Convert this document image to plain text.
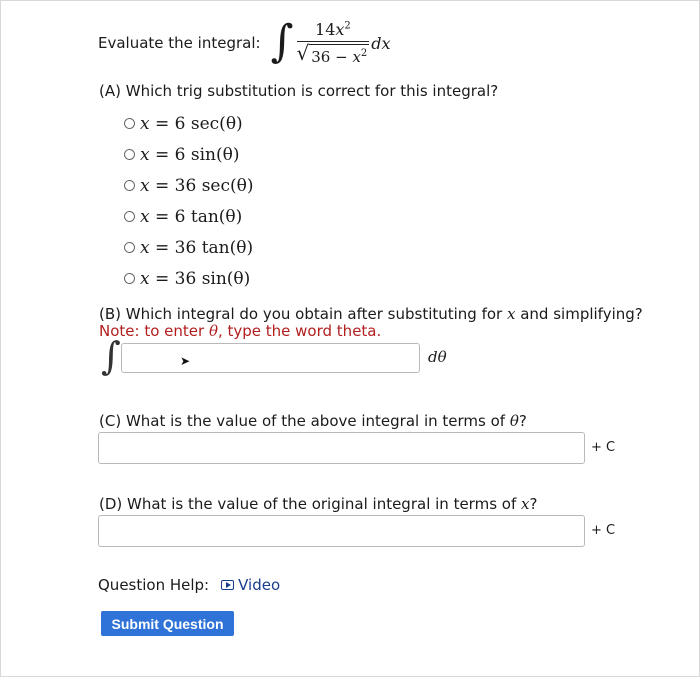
Evaluate the integral: ∫ $\frac{14x^2}{√ 36 - x^2}$ dx
(A) Which trig substitution is correct for this integral?
x = 6 sec(θ)
x = 6 sin(θ)
x = 36 sec(θ)
x = 6 tan(θ)
x = 36 tan(θ)
x = 36 sin(θ)
(B) Which integral do you obtain after substituting for x and simplifying?
Note: to enter θ, type the word theta.
∫	➤	dθ
(C) What is the value of the above integral in terms of θ?
+ C
(D) What is the value of the original integral in terms of x?
+ C
Question Help: Video
Submit Question
